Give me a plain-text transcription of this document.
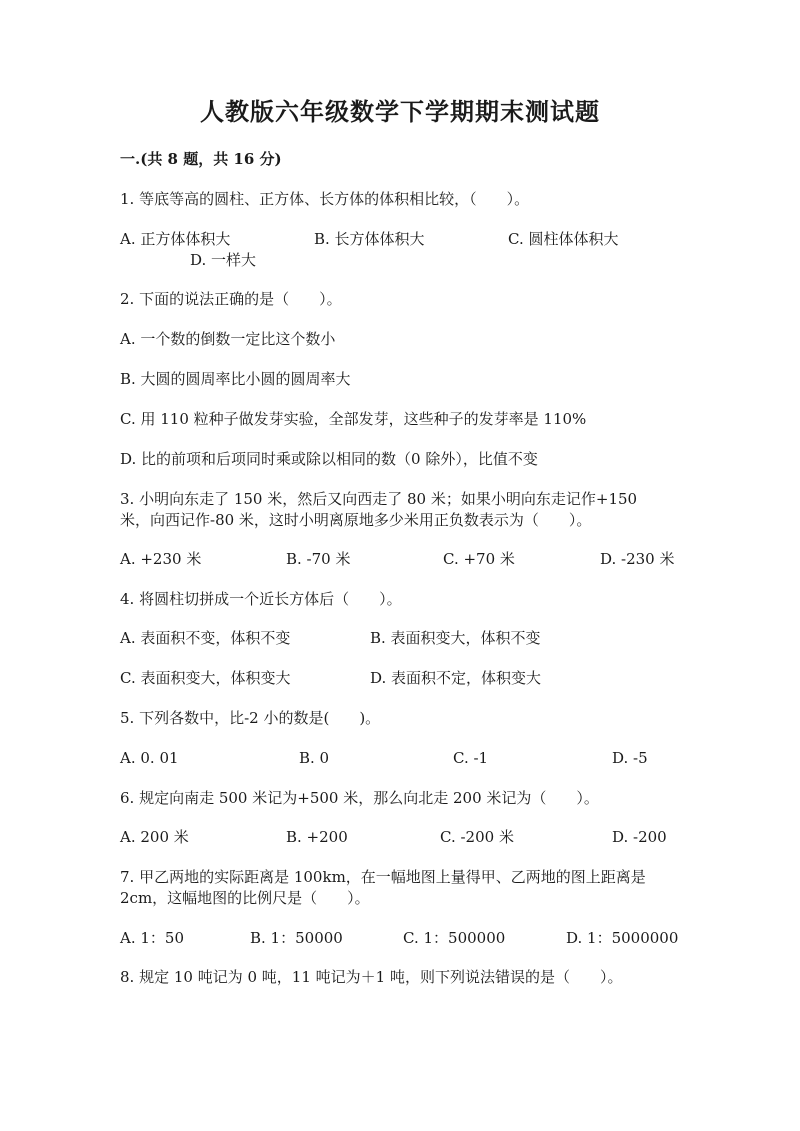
人教版六年级数学下学期期末测试题
一.(共 8 题，共 16 分)
1. 等底等高的圆柱、正方体、长方体的体积相比较，（　　）。
A. 正方体体积大	B. 长方体体积大	C. 圆柱体体积大
D. 一样大
2. 下面的说法正确的是（　　）。
A. 一个数的倒数一定比这个数小
B. 大圆的圆周率比小圆的圆周率大
C. 用 110 粒种子做发芽实验，全部发芽，这些种子的发芽率是 110%
D. 比的前项和后项同时乘或除以相同的数（0 除外），比值不变
3. 小明向东走了 150 米，然后又向西走了 80 米；如果小明向东走记作+150
米，向西记作-80 米，这时小明离原地多少米用正负数表示为（　　）。
A. +230 米	B. -70 米	C. +70 米	D. -230 米
4. 将圆柱切拼成一个近长方体后（　　）。
A. 表面积不变，体积不变	B. 表面积变大，体积不变
C. 表面积变大，体积变大	D. 表面积不定，体积变大
5. 下列各数中，比-2 小的数是(　　)。
A. 0. 01	B. 0	C. -1	D. -5
6. 规定向南走 500 米记为+500 米，那么向北走 200 米记为（　　）。
A. 200 米	B. +200	C. -200 米	D. -200
7. 甲乙两地的实际距离是 100km，在一幅地图上量得甲、乙两地的图上距离是
2cm，这幅地图的比例尺是（　　）。
A. 1：50	B. 1：50000	C. 1：500000	D. 1：5000000
8. 规定 10 吨记为 0 吨，11 吨记为＋1 吨，则下列说法错误的是（　　）。
